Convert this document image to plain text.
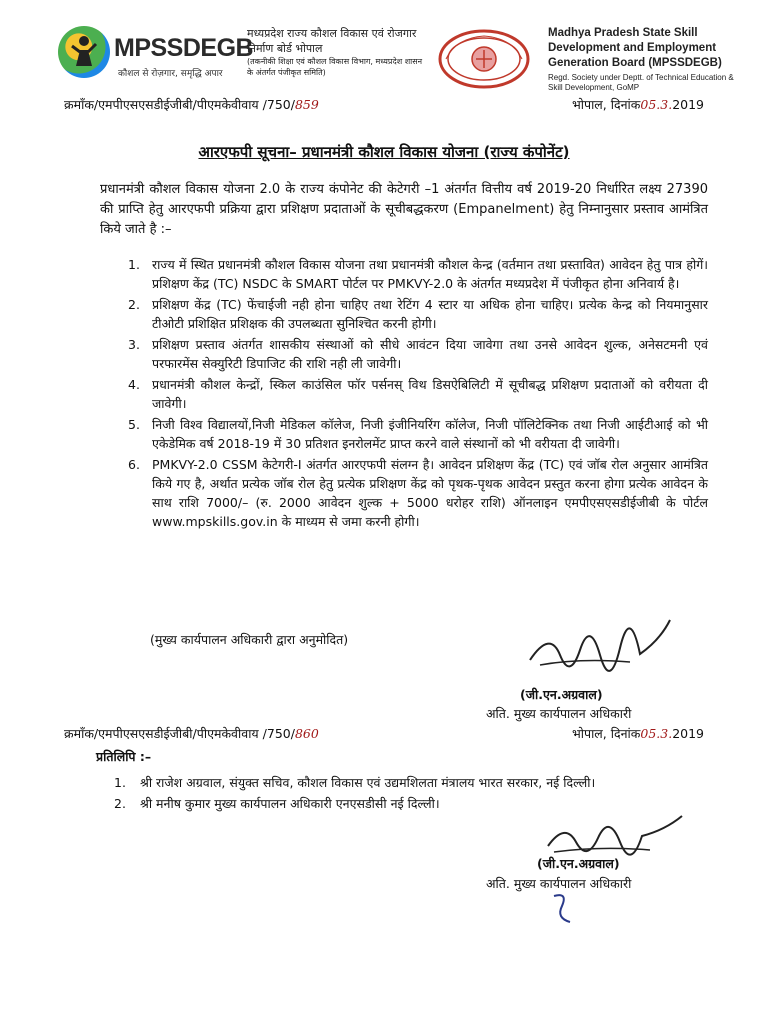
MPSSDEGB
कौशल से रोज़गार, समृद्धि अपार
मध्यप्रदेश राज्य कौशल विकास एवं रोजगार निर्माण बोर्ड भोपाल
(तकनीकी शिक्षा एवं कौशल विकास विभाग, मध्यप्रदेश शासन के अंतर्गत पंजीकृत समिति)
Madhya Pradesh State Skill Development and Employment Generation Board (MPSSDEGB)
Regd. Society under Deptt. of Technical Education & Skill Development, GoMP
क्रमाँक/एमपीएसएसडीईजीबी/पीएमकेवीवाय /750/859	भोपाल, दिनांक05.3.2019
आरएफपी सूचना– प्रधानमंत्री कौशल विकास योजना (राज्य कंपोनेंट)
प्रधानमंत्री कौशल विकास योजना 2.0 के राज्य कंपोनेट की केटेगरी –1 अंतर्गत वित्तीय वर्ष 2019-20 निर्धारित लक्ष्य 27390 की प्राप्ति हेतु आरएफपी प्रक्रिया द्वारा प्रशिक्षण प्रदाताओं के सूचीबद्धकरण (Empanelment) हेतु निम्नानुसार प्रस्ताव आमंत्रित किये जाते है :–
1. राज्य में स्थित प्रधानमंत्री कौशल विकास योजना तथा प्रधानमंत्री कौशल केन्द्र (वर्तमान तथा प्रस्तावित) आवेदन हेतु पात्र होगें। प्रशिक्षण केंद्र (TC) NSDC के SMART पोर्टल पर PMKVY-2.0 के अंतर्गत मध्यप्रदेश में पंजीकृत होना अनिवार्य है।
2. प्रशिक्षण केंद्र (TC) फेंचाईजी नही होना चाहिए तथा रेटिंग 4 स्टार या अधिक होना चाहिए। प्रत्येक केन्द्र को नियमानुसार टीओटी प्रशिक्षित प्रशिक्षक की उपलब्धता सुनिश्चित करनी होगी।
3. प्रशिक्षण प्रस्ताव अंतर्गत शासकीय संस्थाओं को सीधे आवंटन दिया जावेगा तथा उनसे आवेदन शुल्क, अनेसटमनी एवं परफारमेंस सेक्युरिटी डिपाजिट की राशि नही ली जावेगी।
4. प्रधानमंत्री कौशल केन्द्रों, स्किल काउंसिल फॉर पर्सनस् विथ डिसऐबिलिटी में सूचीबद्ध प्रशिक्षण प्रदाताओं को वरीयता दी जावेगी।
5. निजी विश्व विद्यालयों,निजी मेडिकल कॉलेज, निजी इंजीनियरिंग कॉलेज, निजी पॉलिटेक्निक तथा निजी आईटीआई को भी एकेडेमिक वर्ष 2018-19 में 30 प्रतिशत इनरोलमेंट प्राप्त करने वाले संस्थानों को भी वरीयता दी जावेगी।
6. PMKVY-2.0 CSSM केटेगरी-I अंतर्गत आरएफपी संलग्न है। आवेदन प्रशिक्षण केंद्र (TC) एवं जॉब रोल अनुसार आमंत्रित किये गए है, अर्थात प्रत्येक जॉब रोल हेतु प्रत्येक प्रशिक्षण केंद्र को पृथक-पृथक आवेदन प्रस्तुत करना होगा प्रत्येक आवेदन के साथ राशि 7000/– (रु. 2000 आवेदन शुल्क + 5000 धरोहर राशि) ऑनलाइन एमपीएसएसडीईजीबी के पोर्टल www.mpskills.gov.in के माध्यम से जमा करनी होगी।
(मुख्य कार्यपालन अधिकारी द्वारा अनुमोदित)
(जी.एन.अग्रवाल)
अति. मुख्य कार्यपालन अधिकारी
क्रमाँक/एमपीएसएसडीईजीबी/पीएमकेवीवाय /750/860	भोपाल, दिनांक05.3.2019
प्रतिलिपि :–
1. श्री राजेश अग्रवाल, संयुक्त सचिव, कौशल विकास एवं उद्यमशिलता मंत्रालय भारत सरकार, नई दिल्ली।
2. श्री मनीष कुमार मुख्य कार्यपालन अधिकारी एनएसडीसी नई दिल्ली।
(जी.एन.अग्रवाल)
अति. मुख्य कार्यपालन अधिकारी
